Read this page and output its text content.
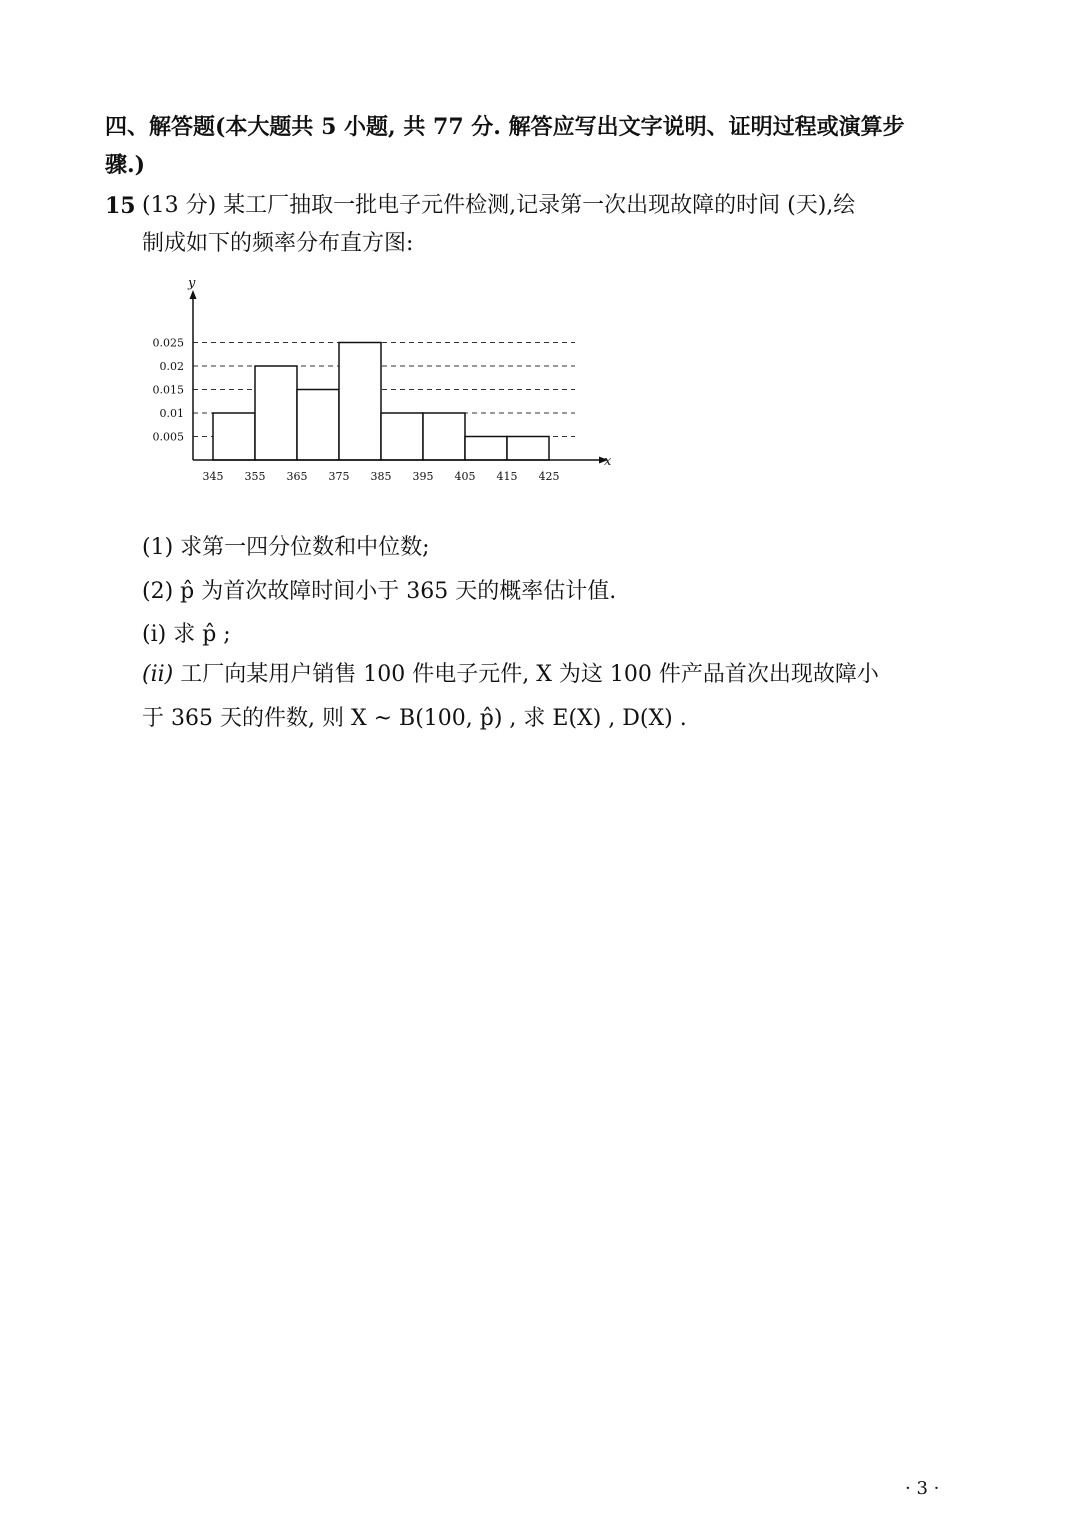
四、解答题(本大题共 5 小题, 共 77 分. 解答应写出文字说明、证明过程或演算步
骤.)
15 (13 分) 某工厂抽取一批电子元件检测,记录第一次出现故障的时间 (天),绘
制成如下的频率分布直方图:
x
y
0.005
0.01
0.015
0.02
0.025
345 355 365 375 385 395 405 415 425
(1) 求第一四分位数和中位数;
(2) p̂ 为首次故障时间小于 365 天的概率估计值.
(i) 求 p̂ ;
(ii) 工厂向某用户销售 100 件电子元件, X 为这 100 件产品首次出现故障小
于 365 天的件数, 则 X ~ B(100, p̂) , 求 E(X) , D(X) .
· 3 ·
